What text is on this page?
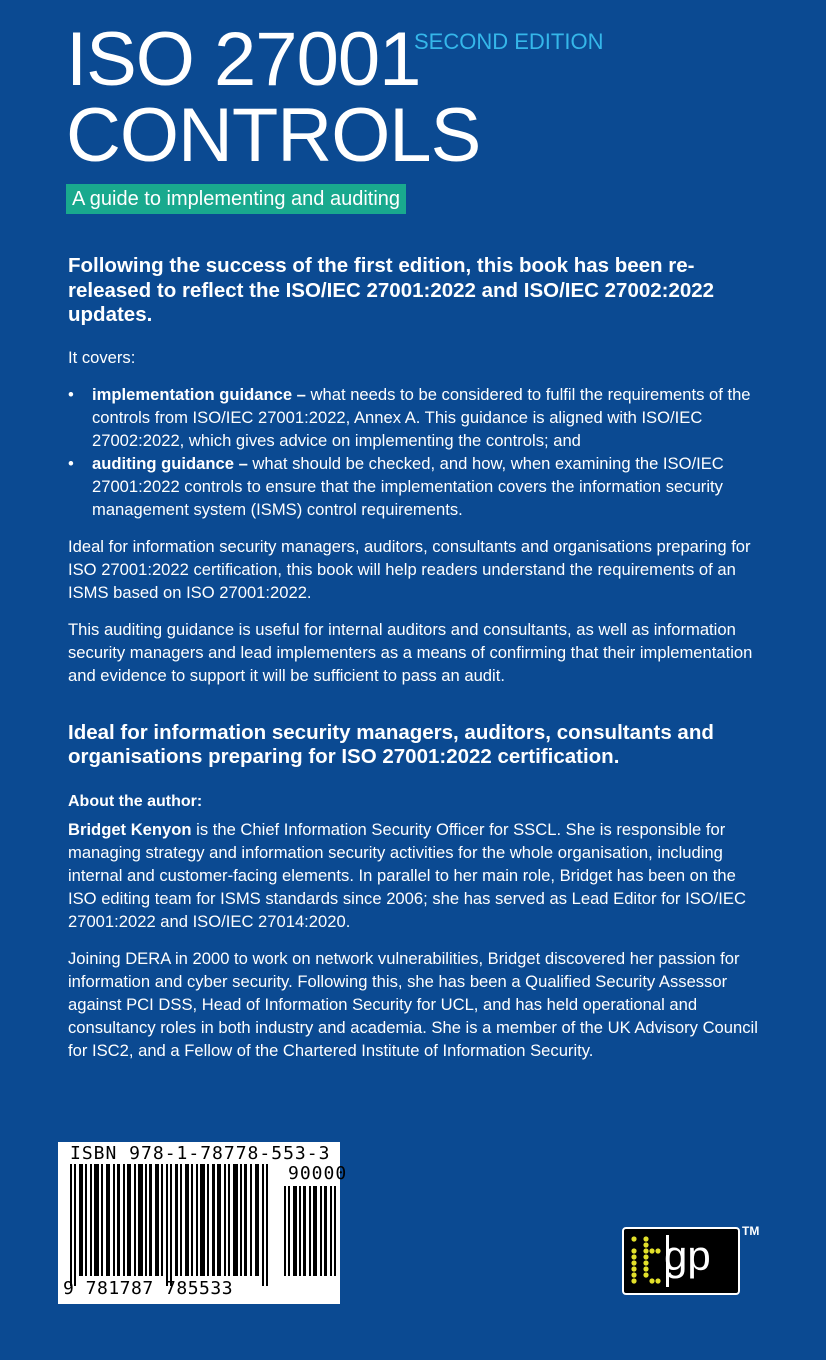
ISO 27001
CONTROLS
SECOND EDITION
A guide to implementing and auditing
Following the success of the first edition, this book has been re-released to reflect the ISO/IEC 27001:2022 and ISO/IEC 27002:2022 updates.

It covers:

• implementation guidance – what needs to be considered to fulfil the requirements of the controls from ISO/IEC 27001:2022, Annex A. This guidance is aligned with ISO/IEC 27002:2022, which gives advice on implementing the controls; and
• auditing guidance – what should be checked, and how, when examining the ISO/IEC 27001:2022 controls to ensure that the implementation covers the information security management system (ISMS) control requirements.

Ideal for information security managers, auditors, consultants and organisations preparing for ISO 27001:2022 certification, this book will help readers understand the requirements of an ISMS based on ISO 27001:2022.

This auditing guidance is useful for internal auditors and consultants, as well as information security managers and lead implementers as a means of confirming that their implementation and evidence to support it will be sufficient to pass an audit.

Ideal for information security managers, auditors, consultants and organisations preparing for ISO 27001:2022 certification.
About the author:

Bridget Kenyon is the Chief Information Security Officer for SSCL. She is responsible for managing strategy and information security activities for the whole organisation, including internal and customer-facing elements. In parallel to her main role, Bridget has been on the ISO editing team for ISMS standards since 2006; she has served as Lead Editor for ISO/IEC 27001:2022 and ISO/IEC 27014:2020.

Joining DERA in 2000 to work on network vulnerabilities, Bridget discovered her passion for information and cyber security. Following this, she has been a Qualified Security Assessor against PCI DSS, Head of Information Security for UCL, and has held operational and consultancy roles in both industry and academia. She is a member of the UK Advisory Council for ISC2, and a Fellow of the Chartered Institute of Information Security.

ISBN 978-1-78778-553-3
90000
9 781787 785533
gp
TM
